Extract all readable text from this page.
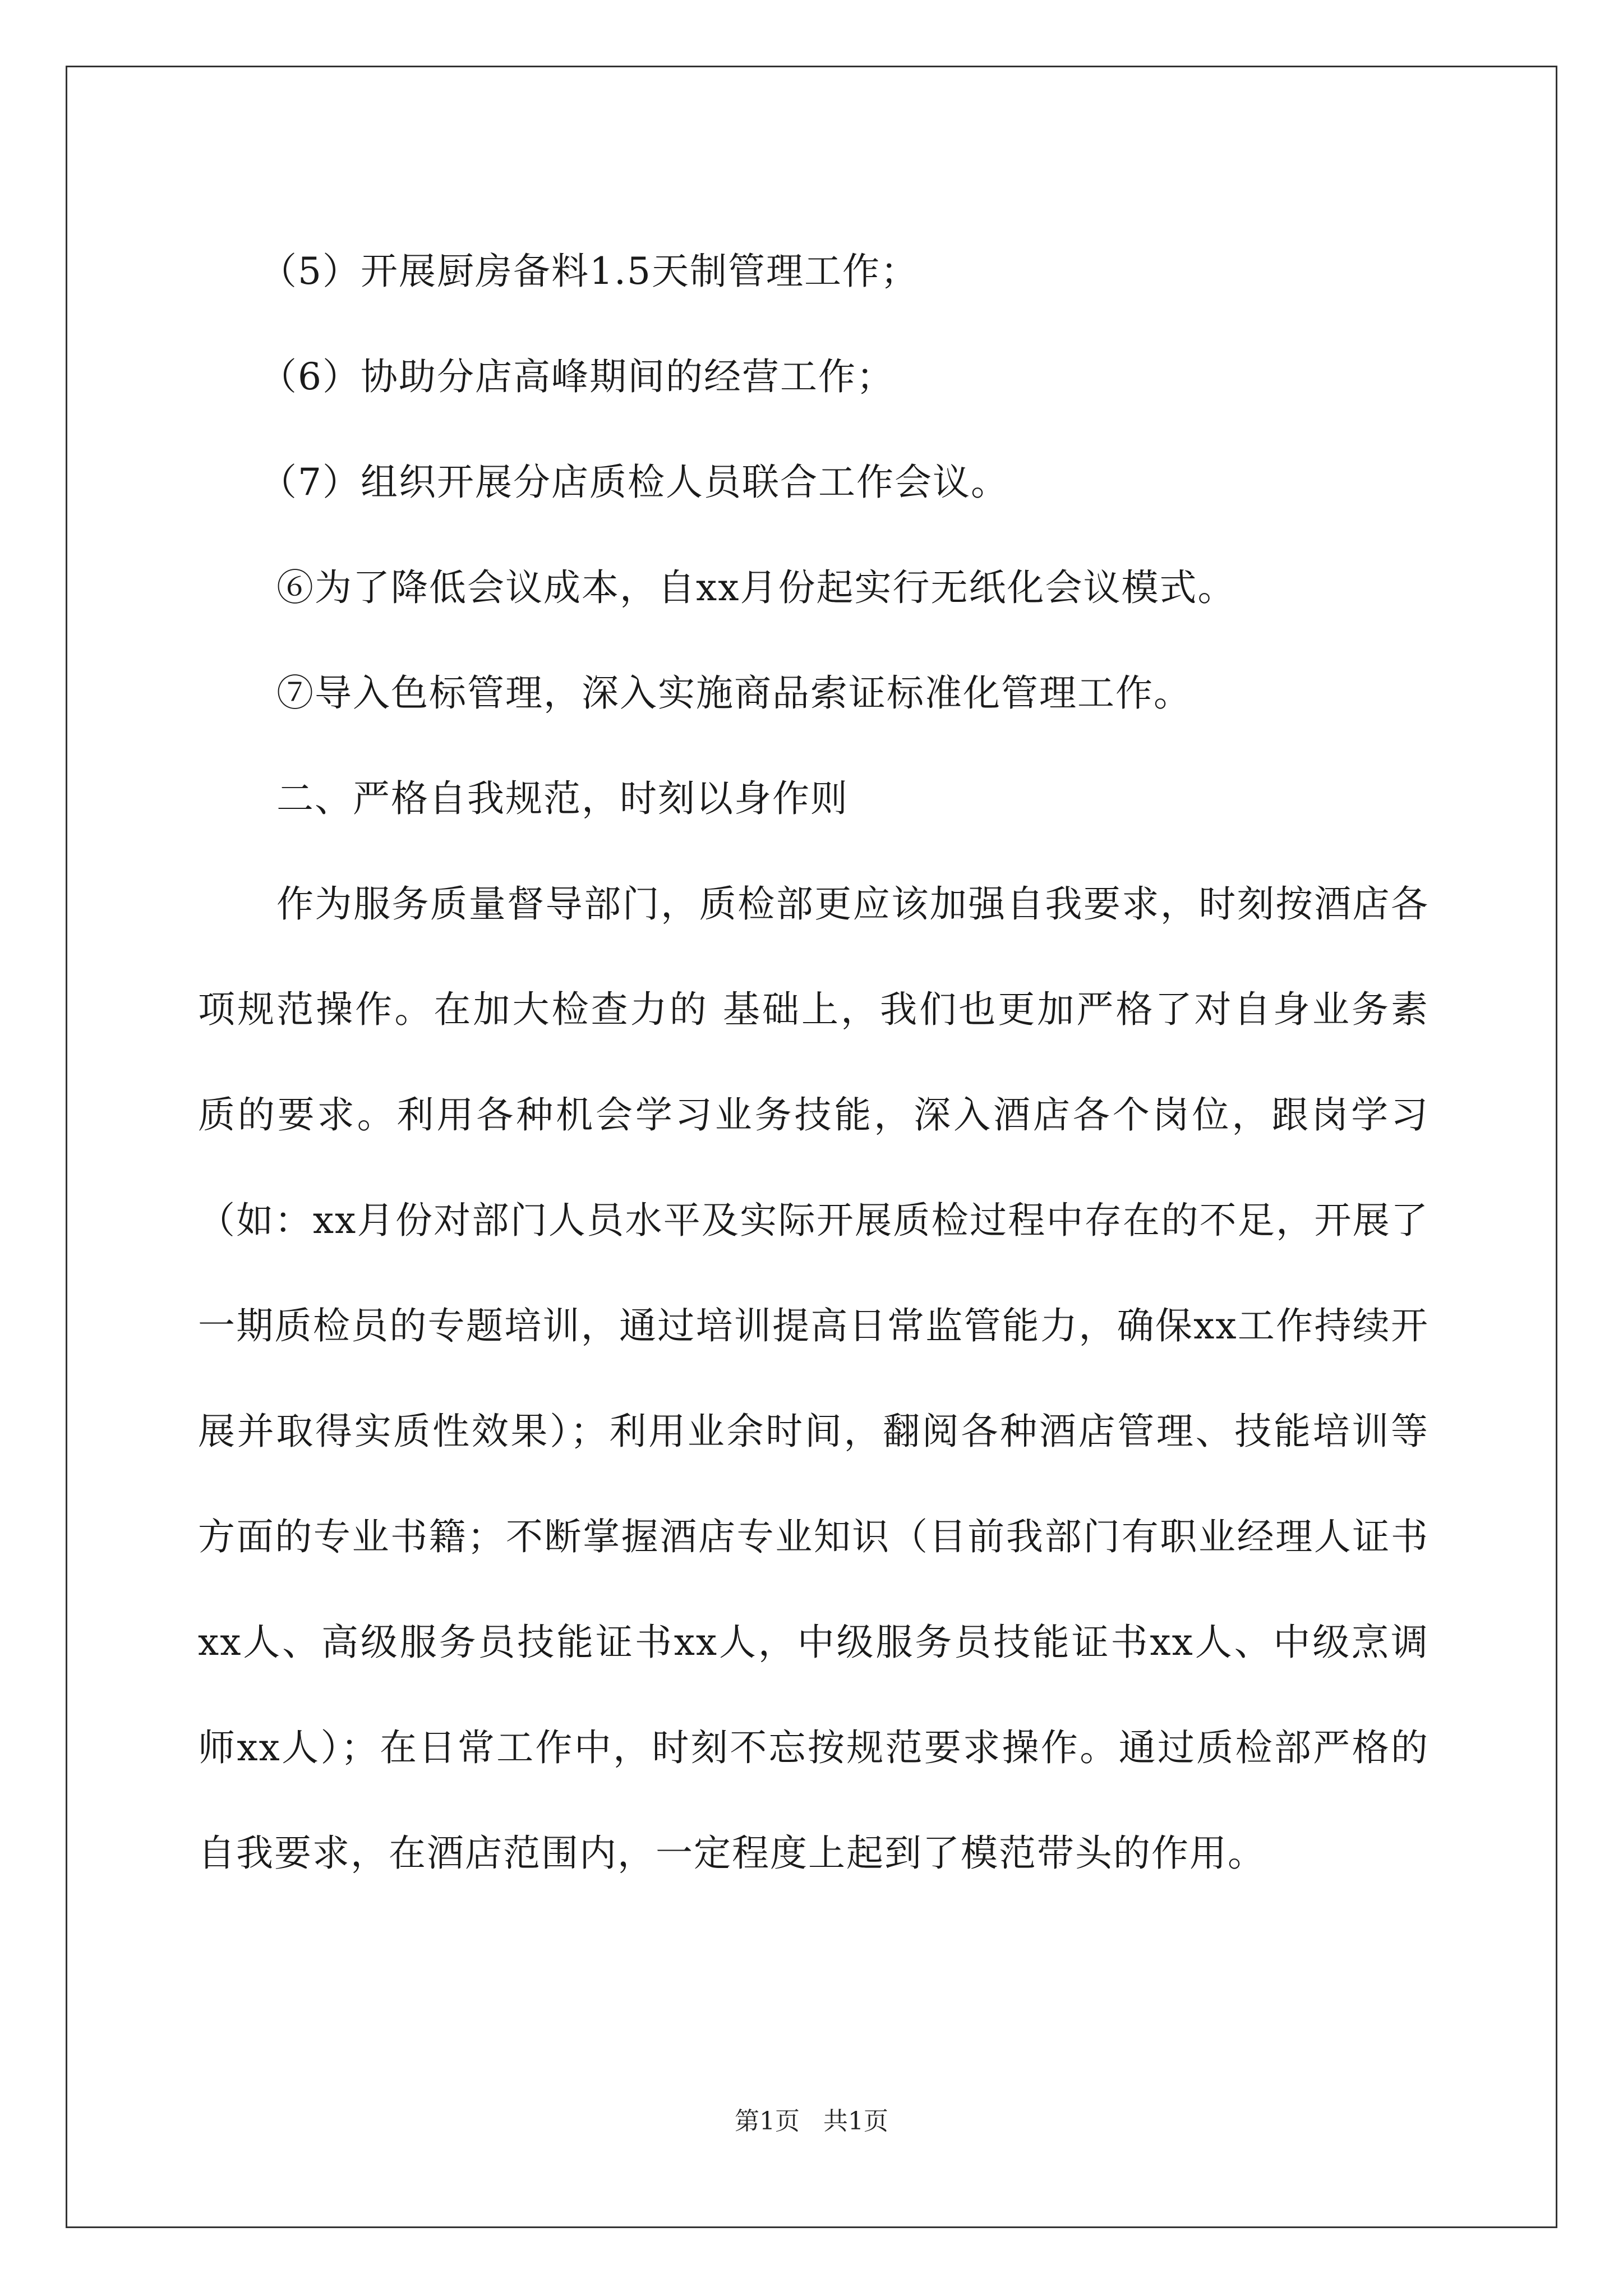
（5）开展厨房备料1.5天制管理工作；

（6）协助分店高峰期间的经营工作；

（7）组织开展分店质检人员联合工作会议。

⑥为了降低会议成本，自xx月份起实行无纸化会议模式。

⑦导入色标管理，深入实施商品索证标准化管理工作。

二、严格自我规范，时刻以身作则

作为服务质量督导部门，质检部更应该加强自我要求，时刻按酒店各项规范操作。在加大检查力的 基础上，我们也更加严格了对自身业务素质的要求。利用各种机会学习业务技能，深入酒店各个岗位，跟岗学习（如：xx月份对部门人员水平及实际开展质检过程中存在的不足，开展了一期质检员的专题培训，通过培训提高日常监管能力，确保xx工作持续开展并取得实质性效果）；利用业余时间，翻阅各种酒店管理、技能培训等方面的专业书籍；不断掌握酒店专业知识（目前我部门有职业经理人证书xx人、高级服务员技能证书xx人，中级服务员技能证书xx人、中级烹调师xx人）；在日常工作中，时刻不忘按规范要求操作。通过质检部严格的自我要求，在酒店范围内，一定程度上起到了模范带头的作用。

第1页   共1页
